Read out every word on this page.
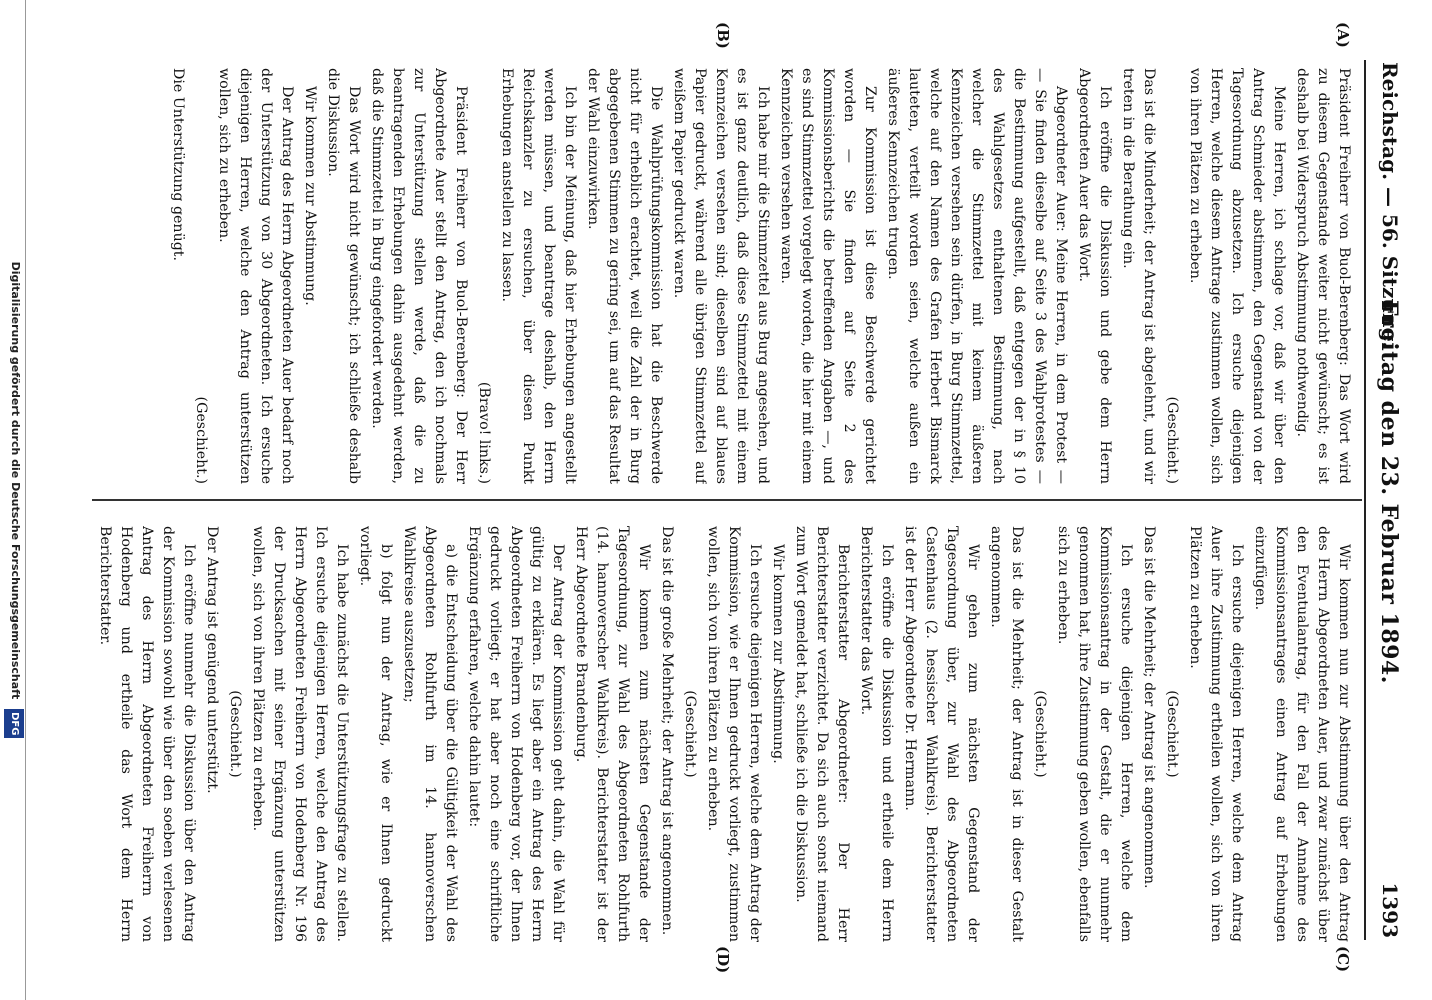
Reichstag. — 56. Sitzung.
Freitag den 23. Februar 1894.
1393
(A)
(B)
(C)
(D)

Präsident Freiherr von Buol-Berenberg: Das Wort wird zu diesem Gegenstande weiter nicht gewünscht; es ist deshalb bei Widerspruch Abstimmung nothwendig.

Meine Herren, ich schlage vor, daß wir über den Antrag Schmieder abstimmen, den Gegenstand von der Tagesordnung abzusetzen. Ich ersuche diejenigen Herren, welche diesem Antrage zustimmen wollen, sich von ihren Plätzen zu erheben.

(Geschieht.)

Das ist die Minderheit; der Antrag ist abgelehnt, und wir treten in die Berathung ein.

Ich eröffne die Diskussion und gebe dem Herrn Abgeordneten Auer das Wort.

Abgeordneter Auer: Meine Herren, in dem Protest — — Sie finden dieselbe auf Seite 3 des Wahlprotestes — die Bestimmung aufgestellt, daß entgegen der in § 10 des Wahlgesetzes enthaltenen Bestimmung, nach welcher die Stimmzettel mit keinem äußeren Kennzeichen versehen sein dürfen, in Burg Stimmzettel, welche auf den Namen des Grafen Herbert Bismarck lauteten, verteilt worden seien, welche außen ein äußeres Kennzeichen trugen.

Zur Kommission ist diese Beschwerde gerichtet worden — Sie finden auf Seite 2 des Kommissionsberichts die betreffenden Angaben —, und es sind Stimmzettel vorgelegt worden, die hier mit einem Kennzeichen versehen waren.

Ich habe mir die Stimmzettel aus Burg angesehen, und es ist ganz deutlich, daß diese Stimmzettel mit einem Kennzeichen versehen sind; dieselben sind auf blaues Papier gedruckt, während alle übrigen Stimmzettel auf weißem Papier gedruckt waren.

Die Wahlprüfungskommission hat die Beschwerde nicht für erheblich erachtet, weil die Zahl der in Burg abgegebenen Stimmen zu gering sei, um auf das Resultat der Wahl einzuwirken.

Ich bin der Meinung, daß hier Erhebungen angestellt werden müssen, und beantrage deshalb, den Herrn Reichskanzler zu ersuchen, über diesen Punkt Erhebungen anstellen zu lassen.

(Bravo! links.)

Präsident Freiherr von Buol-Berenberg: Der Herr Abgeordnete Auer stellt den Antrag, den ich nochmals zur Unterstützung stellen werde, daß die zu beantragenden Erhebungen dahin ausgedehnt werden, daß die Stimmzettel in Burg eingefordert werden.

Das Wort wird nicht gewünscht; ich schließe deshalb die Diskussion.

Wir kommen zur Abstimmung.

Der Antrag des Herrn Abgeordneten Auer bedarf noch der Unterstützung von 30 Abgeordneten. Ich ersuche diejenigen Herren, welche den Antrag unterstützen wollen, sich zu erheben.

(Geschieht.)

Die Unterstützung genügt.

Wir kommen nun zur Abstimmung über den Antrag des Herrn Abgeordneten Auer, und zwar zunächst über den Eventualantrag, für den Fall der Annahme des Kommissionsantrages einen Antrag auf Erhebungen einzufügen.

Ich ersuche diejenigen Herren, welche dem Antrag Auer ihre Zustimmung ertheilen wollen, sich von ihren Plätzen zu erheben.

(Geschieht.)

Das ist die Mehrheit; der Antrag ist angenommen.

Ich ersuche diejenigen Herren, welche dem Kommissionsantrag in der Gestalt, die er nunmehr genommen hat, ihre Zustimmung geben wollen, ebenfalls sich zu erheben.

(Geschieht.)

Das ist die Mehrheit; der Antrag ist in dieser Gestalt angenommen.

Wir gehen zum nächsten Gegenstand der Tagesordnung über, zur Wahl des Abgeordneten Castenhaus (2. hessischer Wahlkreis). Berichterstatter ist der Herr Abgeordnete Dr. Hermann.

Ich eröffne die Diskussion und ertheile dem Herrn Berichterstatter das Wort.

Berichterstatter Abgeordneter: Der Herr Berichterstatter verzichtet. Da sich auch sonst niemand zum Wort gemeldet hat, schließe ich die Diskussion.

Wir kommen zur Abstimmung.

Ich ersuche diejenigen Herren, welche dem Antrag der Kommission, wie er Ihnen gedruckt vorliegt, zustimmen wollen, sich von ihren Plätzen zu erheben.

(Geschieht.)

Das ist die große Mehrheit; der Antrag ist angenommen.

Wir kommen zum nächsten Gegenstande der Tagesordnung, zur Wahl des Abgeordneten Rohlfurth (14. hannoverscher Wahlkreis). Berichterstatter ist der Herr Abgeordnete Brandenburg.

Der Antrag der Kommission geht dahin, die Wahl für gültig zu erklären. Es liegt aber ein Antrag des Herrn Abgeordneten Freiherrn von Hodenberg vor, der Ihnen gedruckt vorliegt; er hat aber noch eine schriftliche Ergänzung erfahren, welche dahin lautet:

a) die Entscheidung über die Gültigkeit der Wahl des Abgeordneten Rohlfurth im 14. hannoverschen Wahlkreise auszusetzen;

b) folgt nun der Antrag, wie er Ihnen gedruckt vorliegt.

Ich habe zunächst die Unterstützungsfrage zu stellen. Ich ersuche diejenigen Herren, welche den Antrag des Herrn Abgeordneten Freiherrn von Hodenberg Nr. 196 der Drucksachen mit seiner Ergänzung unterstützen wollen, sich von ihren Plätzen zu erheben.

(Geschieht.)

Der Antrag ist genügend unterstützt.

Ich eröffne nunmehr die Diskussion über den Antrag der Kommission sowohl wie über den soeben verlesenen Antrag des Herrn Abgeordneten Freiherrn von Hodenberg und ertheile das Wort dem Herrn Berichterstatter.

Digitalisierung gefördert durch die Deutsche Forschungsgemeinschaft DFG
